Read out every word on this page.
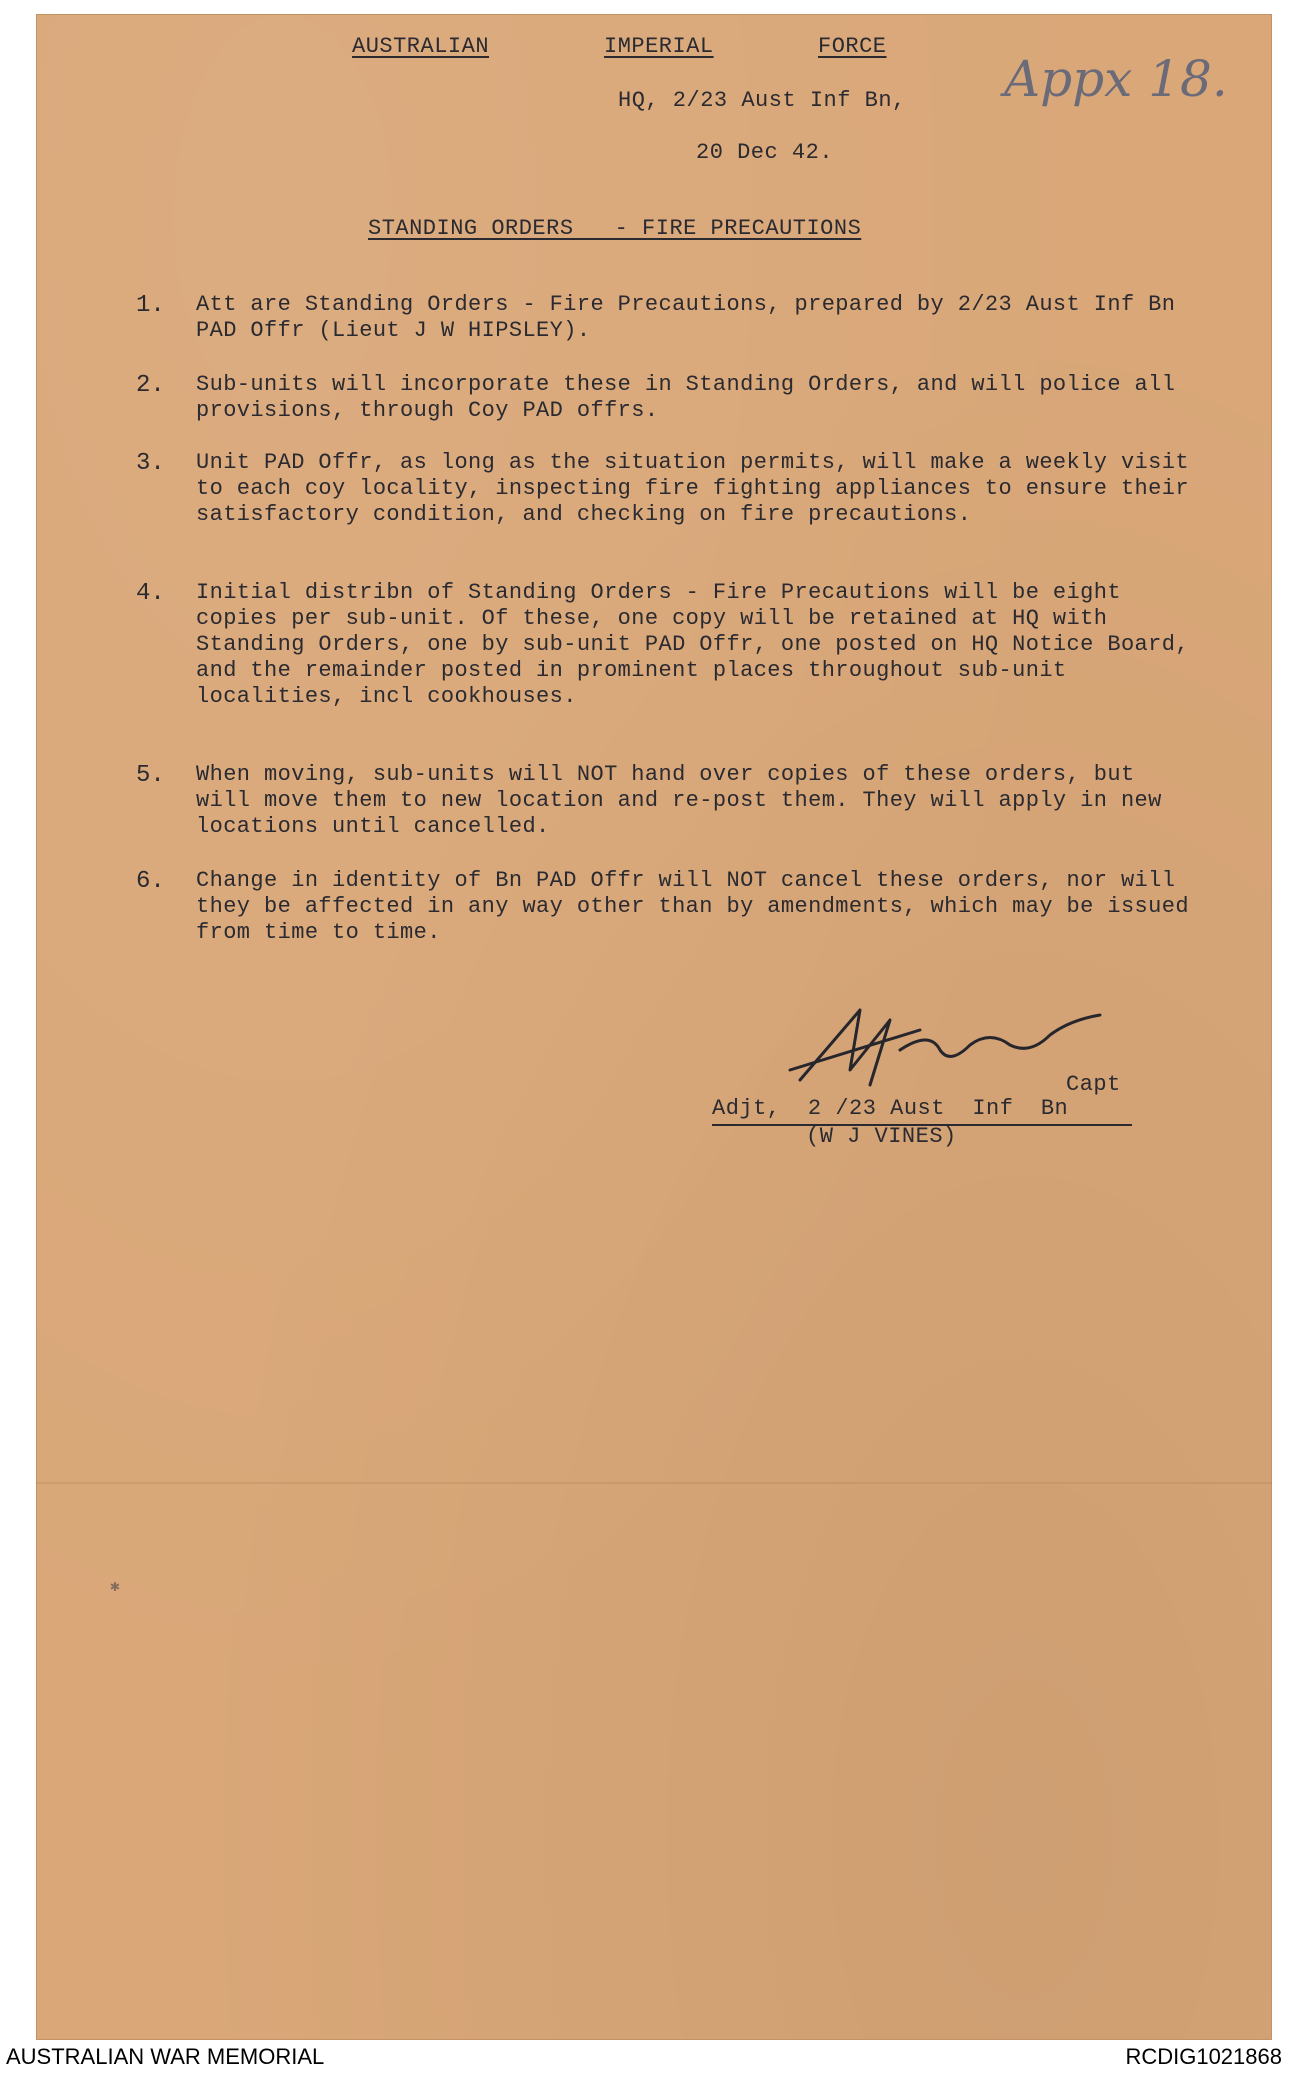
AUSTRALIAN	IMPERIAL	FORCE
HQ, 2/23 Aust Inf Bn,
20 Dec 42.
Appx 18.
STANDING ORDERS   - FIRE PRECAUTIONS
1. Att are Standing Orders - Fire Precautions, prepared by 2/23 Aust Inf Bn PAD Offr (Lieut J W HIPSLEY).
2. Sub-units will incorporate these in Standing Orders, and will police all provisions, through Coy PAD offrs.
3. Unit PAD Offr, as long as the situation permits, will make a weekly visit to each coy locality, inspecting fire fighting appliances to ensure their satisfactory condition, and checking on fire precautions.
4. Initial distribn of Standing Orders - Fire Precautions will be eight copies per sub-unit. Of these, one copy will be retained at HQ with Standing Orders, one by sub-unit PAD Offr, one posted on HQ Notice Board, and the remainder posted in prominent places throughout sub-unit localities, incl cookhouses.
5. When moving, sub-units will NOT hand over copies of these orders, but will move them to new location and re-post them. They will apply in new locations until cancelled.
6. Change in identity of Bn PAD Offr will NOT cancel these orders, nor will they be affected in any way other than by amendments, which may be issued from time to time.
Capt
Adjt,  2 /23 Aust  Inf  Bn
(W J VINES)
✱
AUSTRALIAN WAR MEMORIAL	RCDIG1021868
